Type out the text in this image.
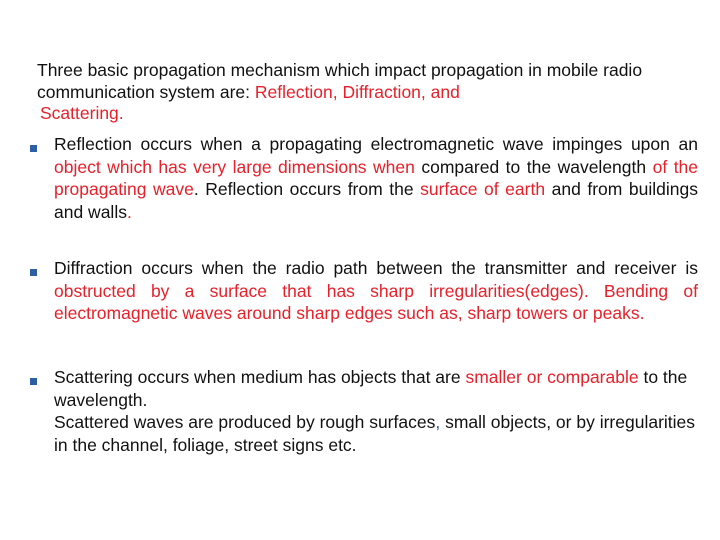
Three basic propagation mechanism which impact propagation in mobile radio communication system are: Reflection, Diffraction, and
Scattering.

Reflection occurs when a propagating electromagnetic wave impinges upon an object which has very large dimensions when compared to the wavelength of the propagating wave. Reflection occurs from the surface of earth and from buildings and walls.

Diffraction occurs when the radio path between the transmitter and receiver is obstructed by a surface that has sharp irregularities(edges). Bending of electromagnetic waves around sharp edges such as, sharp towers or peaks.

Scattering occurs when medium has objects that are smaller or comparable to the wavelength.
Scattered waves are produced by rough surfaces, small objects, or by irregularities in the channel, foliage, street signs etc.
